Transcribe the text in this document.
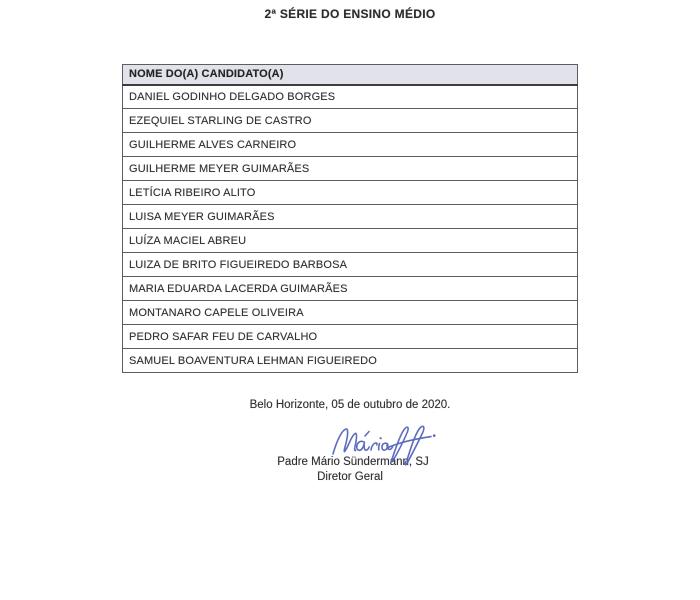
2ª SÉRIE DO ENSINO MÉDIO
NOME DO(A) CANDIDATO(A)
DANIEL GODINHO DELGADO BORGES
EZEQUIEL STARLING DE CASTRO
GUILHERME ALVES CARNEIRO
GUILHERME MEYER GUIMARÃES
LETÍCIA RIBEIRO ALITO
LUISA MEYER GUIMARÃES
LUÍZA MACIEL ABREU
LUIZA DE BRITO FIGUEIREDO BARBOSA
MARIA EDUARDA LACERDA GUIMARÃES
MONTANARO CAPELE OLIVEIRA
PEDRO SAFAR FEU DE CARVALHO
SAMUEL BOAVENTURA LEHMAN FIGUEIREDO
Belo Horizonte, 05 de outubro de 2020.
Padre Mário Sündermann, SJ
Diretor Geral
